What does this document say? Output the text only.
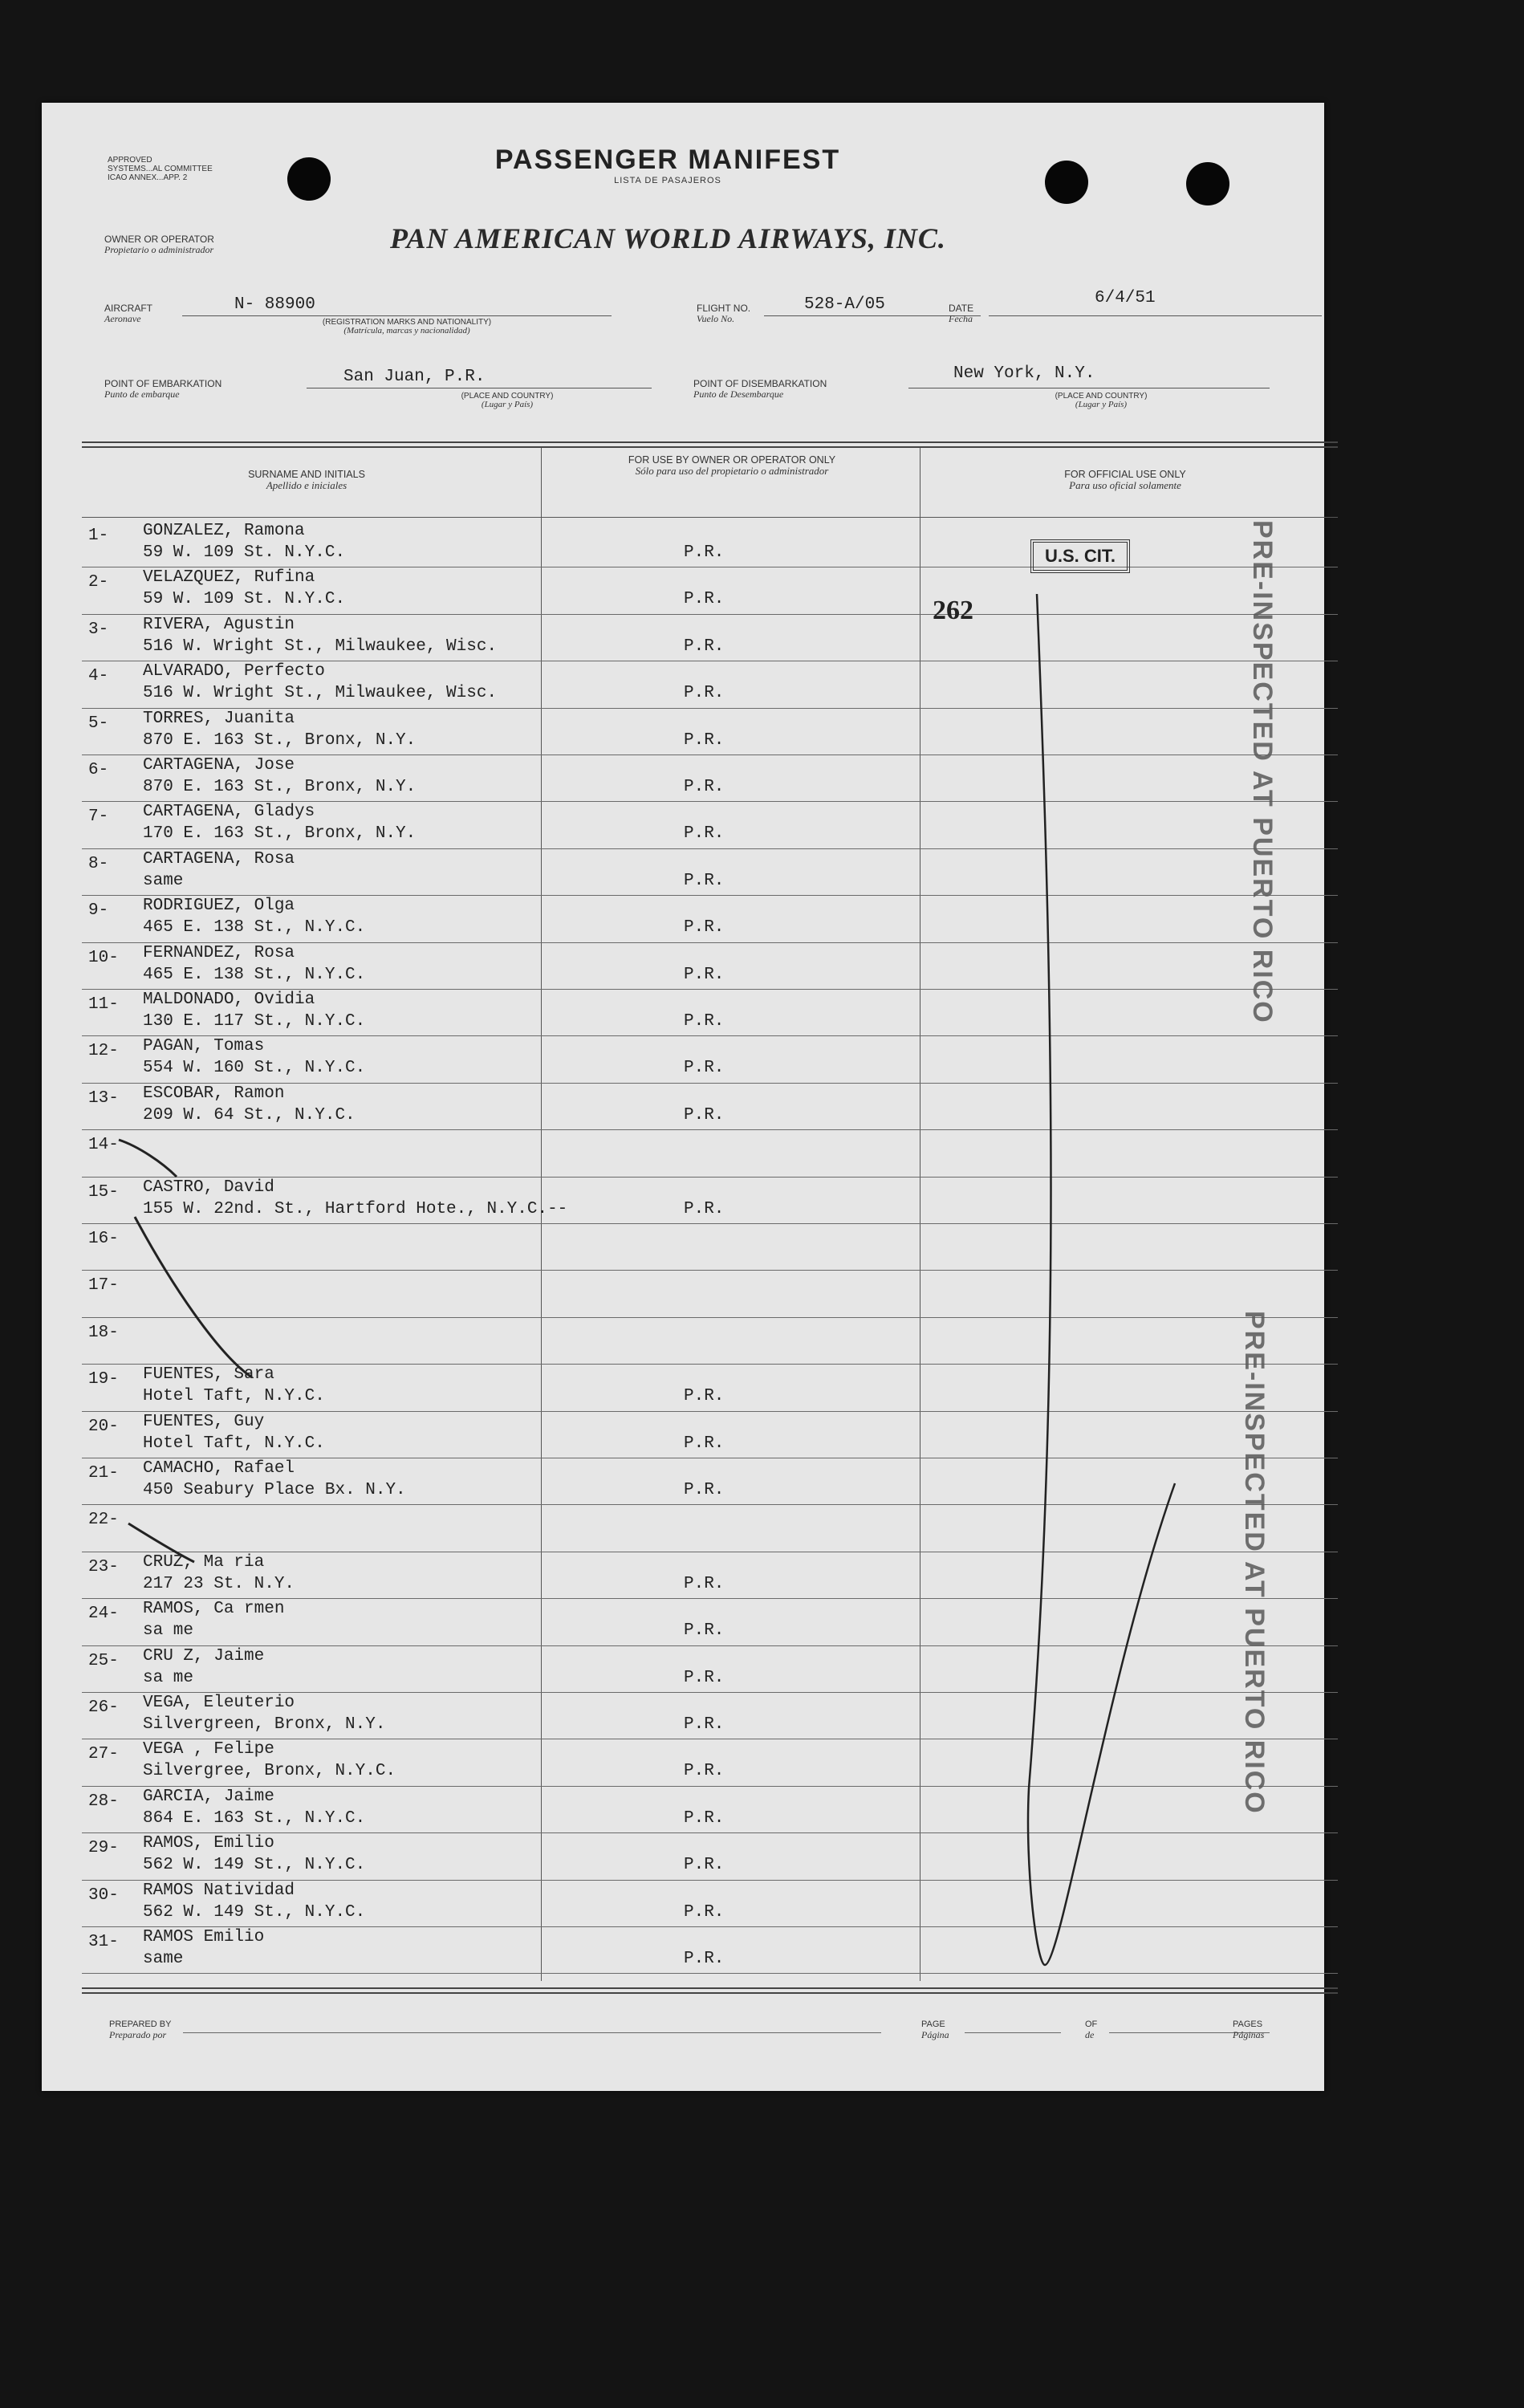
APPROVED
SYSTEMS...AL COMMITTEE
ICAO ANNEX...APP. 2
PASSENGER MANIFEST
LISTA DE PASAJEROS
OWNER OR OPERATOR
Propietario o administrador	PAN AMERICAN WORLD AIRWAYS, INC.
AIRCRAFT
Aeronave
N- 88900
(REGISTRATION MARKS AND NATIONALITY)
(Matrícula, marcas y nacionalidad)
FLIGHT NO.
Vuelo No.
528-A/05	DATE
Fecha
6/4/51
POINT OF EMBARKATION
Punto de embarque
San Juan, P.R.
(PLACE AND COUNTRY)
(Lugar y País)
POINT OF DISEMBARKATION
Punto de Desembarque
New York, N.Y.
(PLACE AND COUNTRY)
(Lugar y País)
SURNAME AND INITIALS
Apellido e iniciales
FOR USE BY OWNER OR OPERATOR ONLY
Sólo para uso del propietario o administrador	FOR OFFICIAL USE ONLY
Para uso oficial solamente
1- GONZALEZ, Ramona
59 W. 109 St. N.Y.C.	P.R.
2- VELAZQUEZ, Rufina
59 W. 109 St. N.Y.C.	P.R.
3- RIVERA, Agustin
516 W. Wright St., Milwaukee, Wisc.	P.R.
4- ALVARADO, Perfecto
516 W. Wright St., Milwaukee, Wisc.	P.R.
5- TORRES, Juanita
870 E. 163 St., Bronx, N.Y.	P.R.
6- CARTAGENA, Jose
870 E. 163 St., Bronx, N.Y.	P.R.
7- CARTAGENA, Gladys
170 E. 163 St., Bronx, N.Y.	P.R.
8- CARTAGENA, Rosa
same	P.R.
9- RODRIGUEZ, Olga
465 E. 138 St., N.Y.C.	P.R.
10- FERNANDEZ, Rosa
465 E. 138 St., N.Y.C.	P.R.
11- MALDONADO, Ovidia
130 E. 117 St., N.Y.C.	P.R.
12- PAGAN, Tomas
554 W. 160 St., N.Y.C.	P.R.
13- ESCOBAR, Ramon
209 W. 64 St., N.Y.C.	P.R.
14-
15- CASTRO, David
155 W. 22nd. St., Hartford Hote., N.Y.C.--	P.R.
16-
17-
18-
19- FUENTES, Sara
Hotel Taft, N.Y.C.	P.R.
20- FUENTES, Guy
Hotel Taft, N.Y.C.	P.R.
21- CAMACHO, Rafael
450 Seabury Place Bx. N.Y.	P.R.
22-
23- CRUZ, Ma ria
217 23 St. N.Y.	P.R.
24- RAMOS, Ca rmen
sa me	P.R.
25- CRU Z, Jaime
sa me	P.R.
26- VEGA, Eleuterio
Silvergreen, Bronx, N.Y.	P.R.
27- VEGA , Felipe
Silvergree, Bronx, N.Y.C.	P.R.
28- GARCIA, Jaime
864 E. 163 St., N.Y.C.	P.R.
29- RAMOS, Emilio
562 W. 149 St., N.Y.C.	P.R.
30- RAMOS Natividad
562 W. 149 St., N.Y.C.	P.R.
31- RAMOS Emilio
same	P.R.
PREPARED BY
Preparado por
PAGE
Página
OF
de
PAGES
Páginas
U.S. CIT.
262	PRE-INSPECTED AT PUERTO RICO
PRE-INSPECTED AT PUERTO RICO
